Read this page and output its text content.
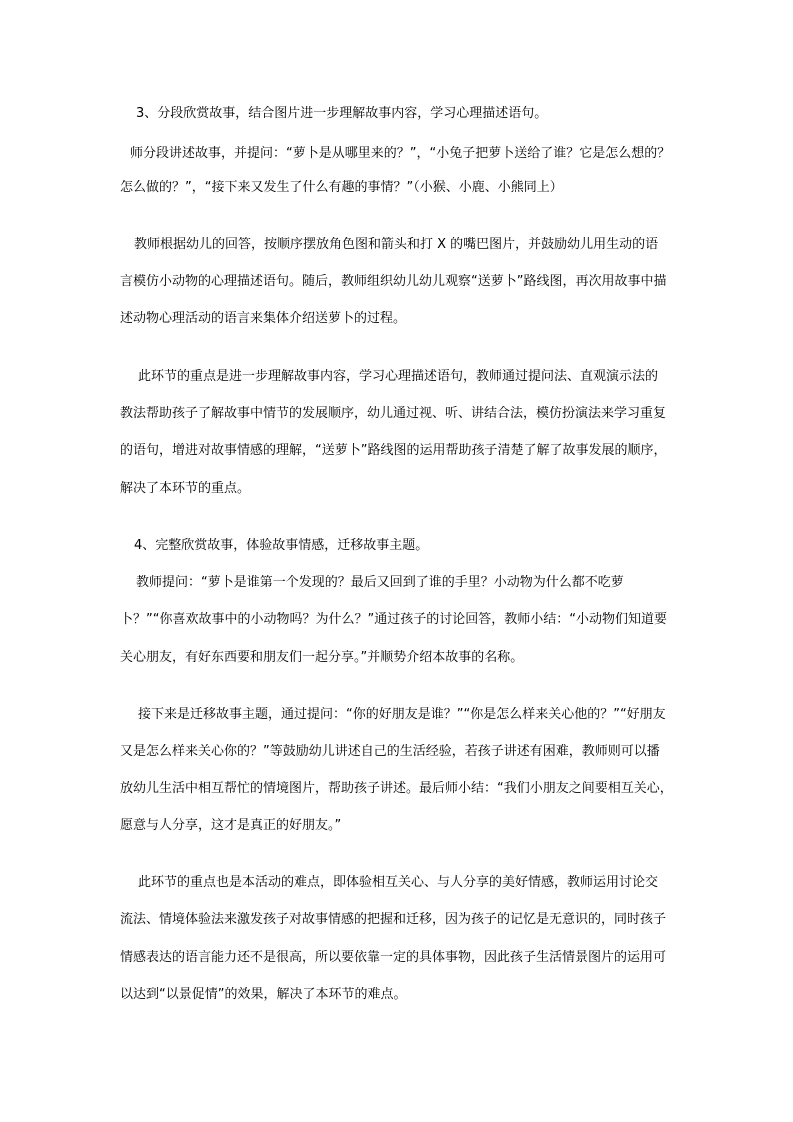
3、分段欣赏故事，结合图片进一步理解故事内容，学习心理描述语句。
师分段讲述故事，并提问：“萝卜是从哪里来的？”，“小兔子把萝卜送给了谁？它是怎么想的？
怎么做的？”，“接下来又发生了什么有趣的事情？”（小猴、小鹿、小熊同上）
教师根据幼儿的回答，按顺序摆放角色图和箭头和打 X 的嘴巴图片，并鼓励幼儿用生动的语
言模仿小动物的心理描述语句。随后，教师组织幼儿幼儿观察“送萝卜”路线图，再次用故事中描
述动物心理活动的语言来集体介绍送萝卜的过程。
此环节的重点是进一步理解故事内容，学习心理描述语句，教师通过提问法、直观演示法的
教法帮助孩子了解故事中情节的发展顺序，幼儿通过视、听、讲结合法，模仿扮演法来学习重复
的语句，增进对故事情感的理解，“送萝卜”路线图的运用帮助孩子清楚了解了故事发展的顺序，
解决了本环节的重点。
4、完整欣赏故事，体验故事情感，迁移故事主题。
教师提问：“萝卜是谁第一个发现的？最后又回到了谁的手里？小动物为什么都不吃萝
卜？”“你喜欢故事中的小动物吗？为什么？”通过孩子的讨论回答，教师小结：“小动物们知道要
关心朋友，有好东西要和朋友们一起分享。”并顺势介绍本故事的名称。
接下来是迁移故事主题，通过提问：“你的好朋友是谁？”“你是怎么样来关心他的？”“好朋友
又是怎么样来关心你的？”等鼓励幼儿讲述自己的生活经验，若孩子讲述有困难，教师则可以播
放幼儿生活中相互帮忙的情境图片，帮助孩子讲述。最后师小结：“我们小朋友之间要相互关心，
愿意与人分享，这才是真正的好朋友。”
此环节的重点也是本活动的难点，即体验相互关心、与人分享的美好情感，教师运用讨论交
流法、情境体验法来激发孩子对故事情感的把握和迁移，因为孩子的记忆是无意识的，同时孩子
情感表达的语言能力还不是很高，所以要依靠一定的具体事物，因此孩子生活情景图片的运用可
以达到“以景促情”的效果，解决了本环节的难点。
